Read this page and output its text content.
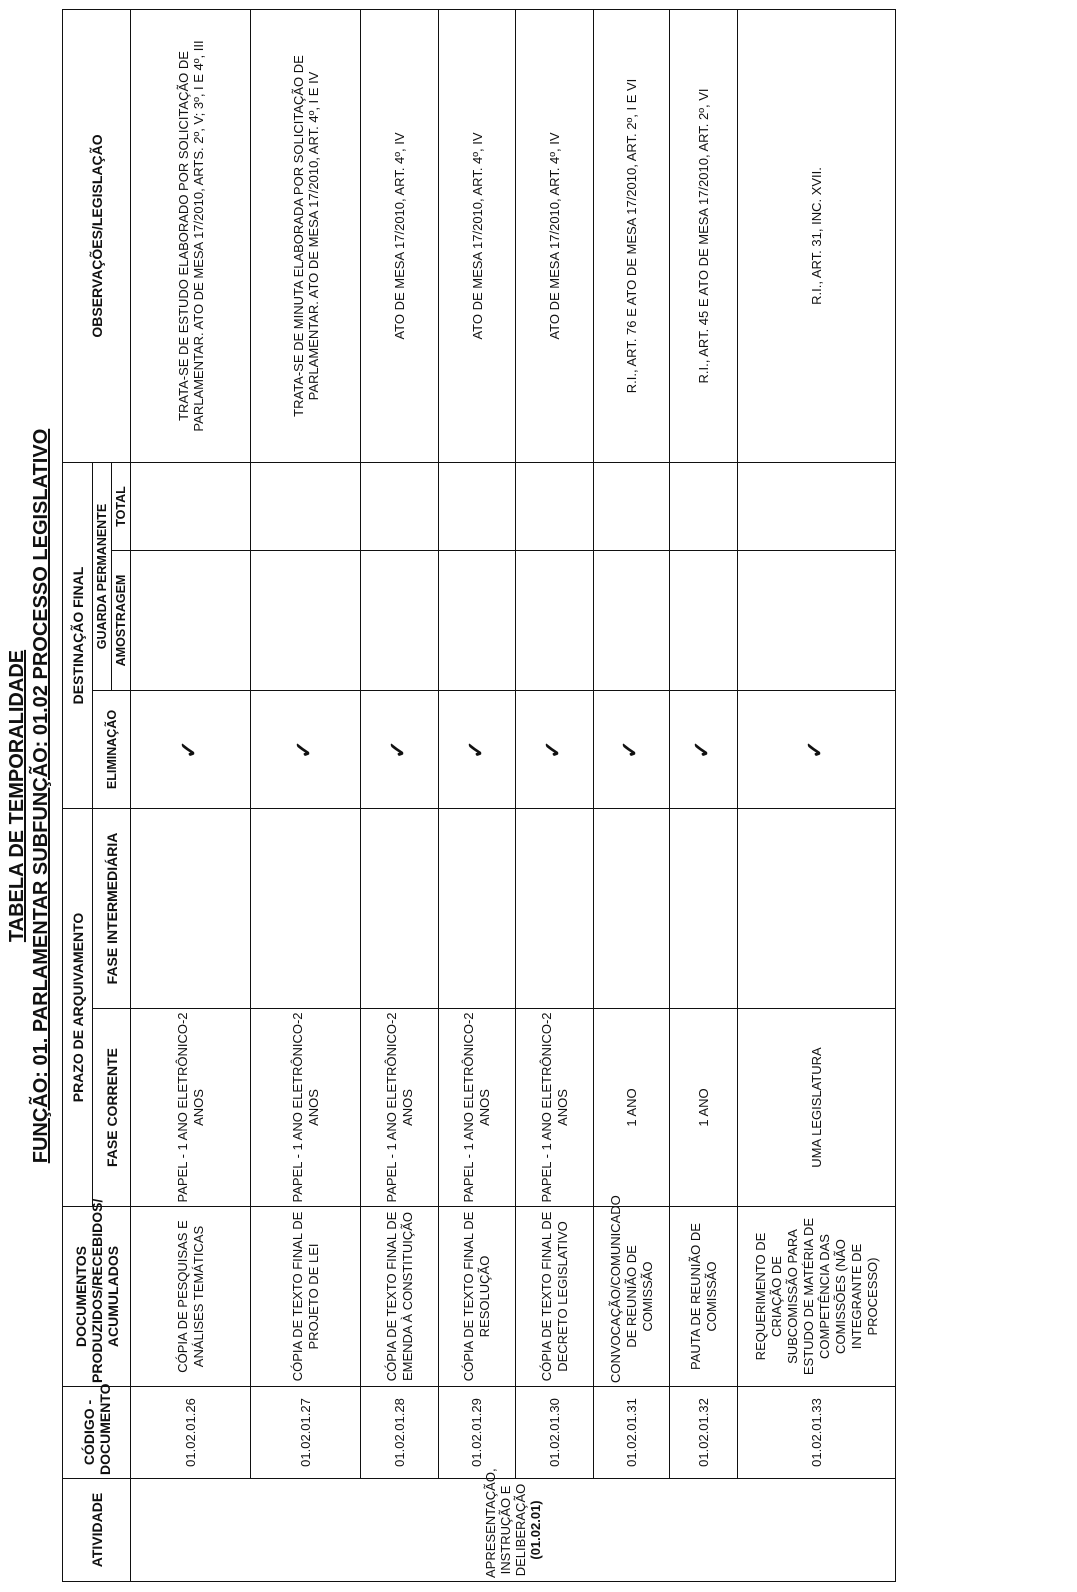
TABELA DE TEMPORALIDADE FUNÇÃO: 01. PARLAMENTAR SUBFUNÇÃO: 01.02 PROCESSO LEGISLATIVO
ATIVIDADE	CÓDIGO - DOCUMENTO	DOCUMENTOS PRODUZIDOS/RECEBIDOS/ ACUMULADOS	PRAZO DE ARQUIVAMENTO		DESTINAÇÃO FINAL			OBSERVAÇÕES/LEGISLAÇÃO
			FASE CORRENTE	FASE INTERMEDIÁRIA	ELIMINAÇÃO	GUARDA PERMANENTE		
						AMOSTRAGEM	TOTAL	

APRESENTAÇÃO, INSTRUÇÃO E DELIBERAÇÃO (01.02.01)	01.02.01.26	CÓPIA DE PESQUISAS E ANÁLISES TEMÁTICAS	PAPEL - 1 ANO ELETRÔNICO-2 ANOS		✓			TRATA-SE DE ESTUDO ELABORADO POR SOLICITAÇÃO DE PARLAMENTAR. ATO DE MESA 17/2010, ARTS. 2º, V; 3º, I E 4º, III
	01.02.01.27	CÓPIA DE TEXTO FINAL DE PROJETO DE LEI	PAPEL - 1 ANO ELETRÔNICO-2 ANOS		✓			TRATA-SE DE MINUTA ELABORADA POR SOLICITAÇÃO DE PARLAMENTAR. ATO DE MESA 17/2010, ART. 4º, I E IV
	01.02.01.28	CÓPIA DE TEXTO FINAL DE EMENDA À CONSTITUIÇÃO	PAPEL - 1 ANO ELETRÔNICO-2 ANOS		✓			ATO DE MESA 17/2010, ART. 4º, IV
	01.02.01.29	CÓPIA DE TEXTO FINAL DE RESOLUÇÃO	PAPEL - 1 ANO ELETRÔNICO-2 ANOS		✓			ATO DE MESA 17/2010, ART. 4º, IV
	01.02.01.30	CÓPIA DE TEXTO FINAL DE DECRETO LEGISLATIVO	PAPEL - 1 ANO ELETRÔNICO-2 ANOS		✓			ATO DE MESA 17/2010, ART. 4º, IV
	01.02.01.31	CONVOCAÇÃO/COMUNICADO DE REUNIÃO DE COMISSÃO	1 ANO		✓			R.I., ART. 76 E ATO DE MESA 17/2010, ART. 2º, I E VI
	01.02.01.32	PAUTA DE REUNIÃO DE COMISSÃO	1 ANO		✓			R.I., ART. 45 E ATO DE MESA 17/2010, ART. 2º, VI
	01.02.01.33	REQUERIMENTO DE CRIAÇÃO DE SUBCOMISSÃO PARA ESTUDO DE MATÉRIA DE COMPETÊNCIA DAS COMISSÕES (NÃO INTEGRANTE DE PROCESSO)	UMA LEGISLATURA		✓			R.I., ART. 31, INC. XVII.
